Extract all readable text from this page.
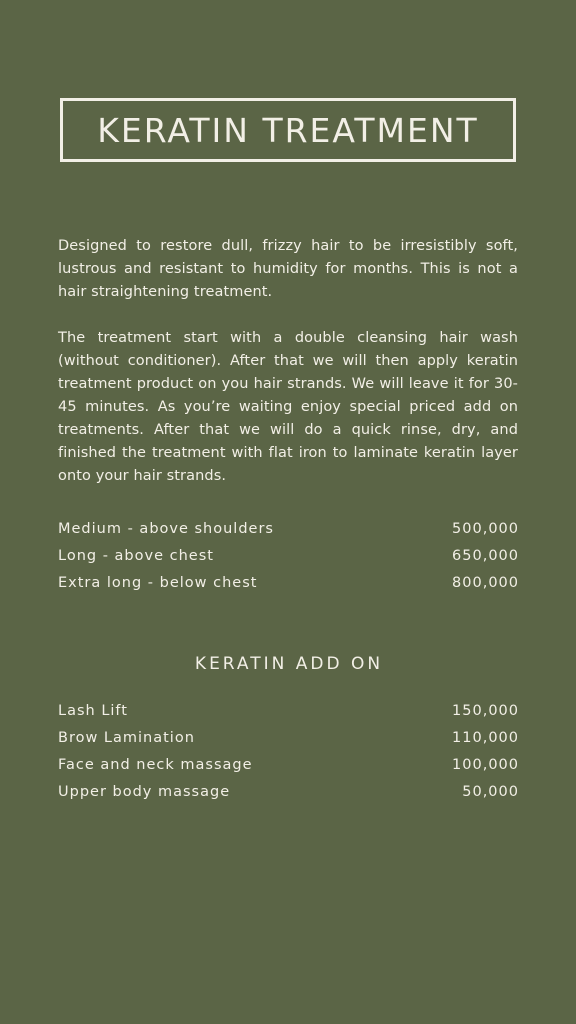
KERATIN TREATMENT

Designed to restore dull, frizzy hair to be irresistibly soft, lustrous and resistant to humidity for months. This is not a hair straightening treatment.

The treatment start with a double cleansing hair wash (without conditioner). After that we will then apply keratin treatment product on you hair strands. We will leave it for 30-45 minutes. As you’re waiting enjoy special priced add on treatments. After that we will do a quick rinse, dry, and finished the treatment with flat iron to laminate keratin layer onto your hair strands.

Medium - above shoulders	500,000
Long - above chest	650,000
Extra long - below chest	800,000
KERATIN ADD ON
Lash Lift	150,000
Brow Lamination	110,000
Face and neck massage	100,000
Upper body massage	50,000
